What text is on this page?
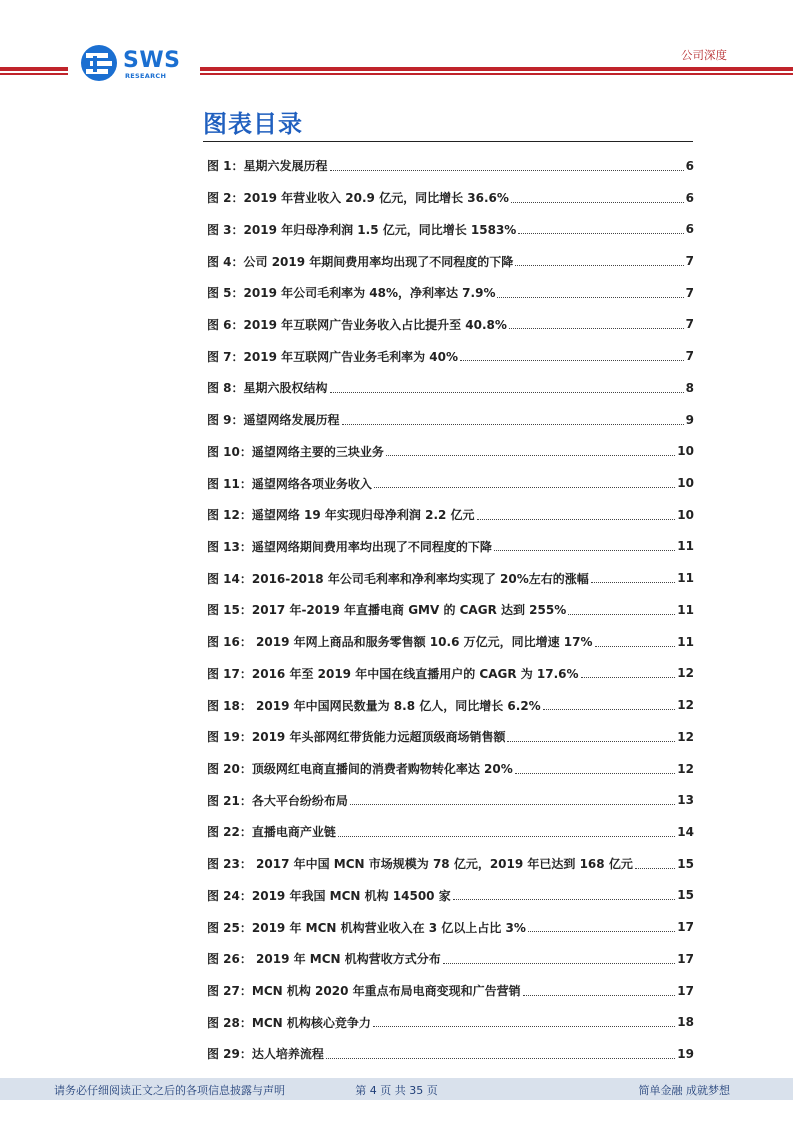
SWS
RESEARCH
公司深度
图表目录
图 1：星期六发展历程	6
图 2：2019 年营业收入 20.9 亿元，同比增长 36.6%	6
图 3：2019 年归母净利润 1.5 亿元，同比增长 1583%	6
图 4：公司 2019 年期间费用率均出现了不同程度的下降	7
图 5：2019 年公司毛利率为 48%，净利率达 7.9%	7
图 6：2019 年互联网广告业务收入占比提升至 40.8%	7
图 7：2019 年互联网广告业务毛利率为 40%	7
图 8：星期六股权结构	8
图 9：遥望网络发展历程	9
图 10：遥望网络主要的三块业务	10
图 11：遥望网络各项业务收入	10
图 12：遥望网络 19 年实现归母净利润 2.2 亿元	10
图 13：遥望网络期间费用率均出现了不同程度的下降	11
图 14：2016-2018 年公司毛利率和净利率均实现了 20%左右的涨幅	11
图 15：2017 年-2019 年直播电商 GMV 的 CAGR 达到 255%	11
图 16： 2019 年网上商品和服务零售额 10.6 万亿元，同比增速 17%	11
图 17：2016 年至 2019 年中国在线直播用户的 CAGR 为 17.6%	12
图 18： 2019 年中国网民数量为 8.8 亿人，同比增长 6.2%	12
图 19：2019 年头部网红带货能力远超顶级商场销售额	12
图 20：顶级网红电商直播间的消费者购物转化率达 20%	12
图 21：各大平台纷纷布局	13
图 22：直播电商产业链	14
图 23： 2017 年中国 MCN 市场规模为 78 亿元，2019 年已达到 168 亿元	15
图 24：2019 年我国 MCN 机构 14500 家	15
图 25：2019 年 MCN 机构营业收入在 3 亿以上占比 3%	17
图 26： 2019 年 MCN 机构营收方式分布	17
图 27：MCN 机构 2020 年重点布局电商变现和广告营销	17
图 28：MCN 机构核心竞争力	18
图 29：达人培养流程	19
请务必仔细阅读正文之后的各项信息披露与声明	第 4 页 共 35 页	简单金融 成就梦想
